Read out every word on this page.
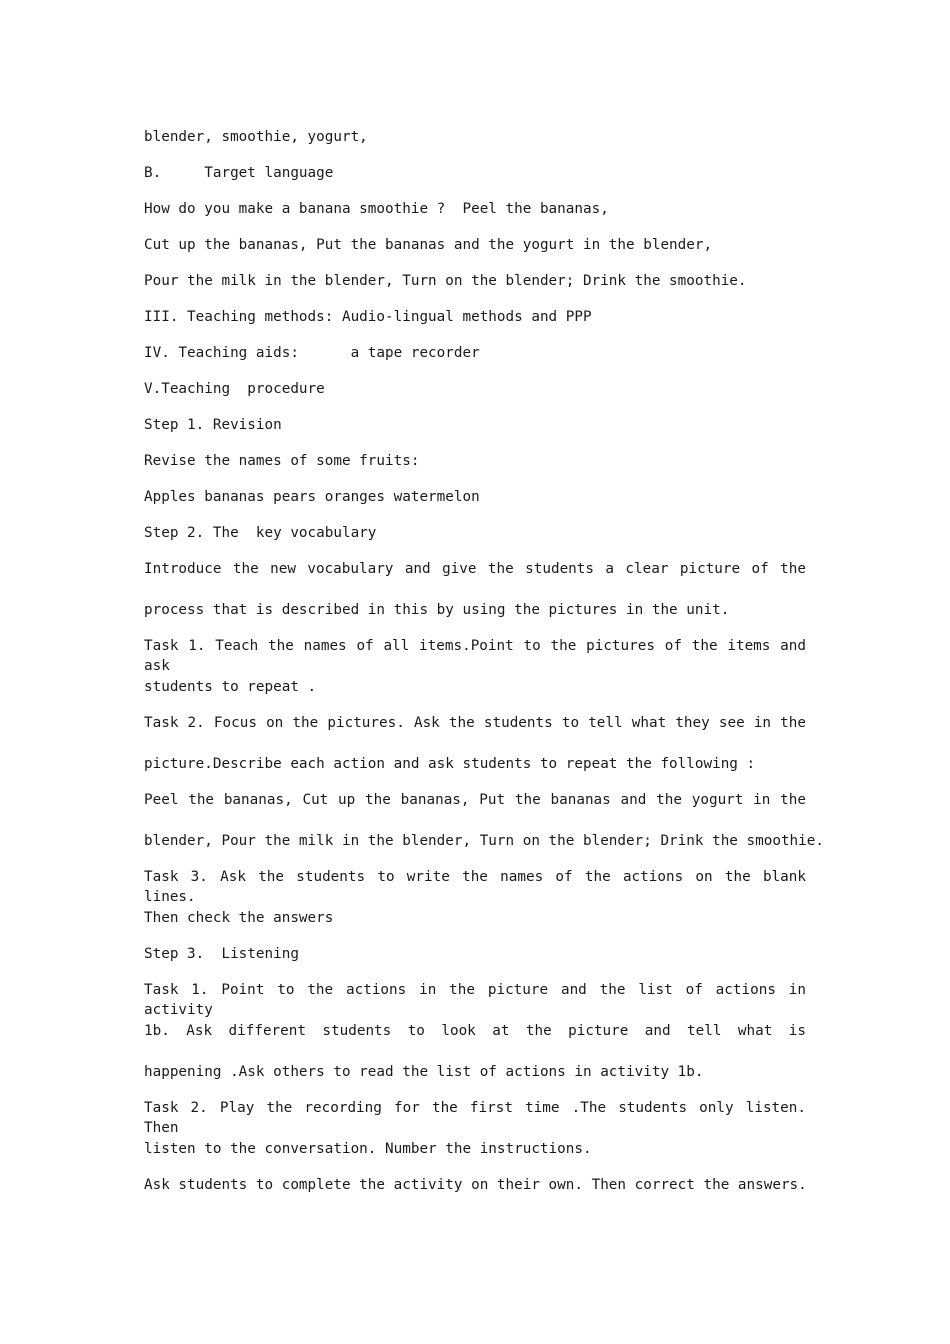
blender, smoothie, yogurt,
B.     Target language
How do you make a banana smoothie ?  Peel the bananas,
Cut up the bananas, Put the bananas and the yogurt in the blender,
Pour the milk in the blender, Turn on the blender; Drink the smoothie.
III. Teaching methods: Audio-lingual methods and PPP
IV. Teaching aids:      a tape recorder
V.Teaching  procedure
Step 1. Revision
Revise the names of some fruits:
Apples bananas pears oranges watermelon
Step 2. The  key vocabulary
Introduce the new vocabulary and give the students a clear picture of the
process that is described in this by using the pictures in the unit.
Task 1. Teach the names of all items.Point to the pictures of the items and ask
students to repeat .
Task 2. Focus on the pictures. Ask the students to tell what they see in the
picture.Describe each action and ask students to repeat the following :
Peel the bananas, Cut up the bananas, Put the bananas and the yogurt in the
blender, Pour the milk in the blender, Turn on the blender; Drink the smoothie.
Task 3. Ask the students to write the names of the actions on the blank lines.
Then check the answers
Step 3.  Listening
Task 1. Point to the actions in the picture and the list of actions in activity
1b. Ask different students to look at the picture and tell what is
happening .Ask others to read the list of actions in activity 1b.
Task 2. Play the recording for the first time .The students only listen. Then
listen to the conversation. Number the instructions.
Ask students to complete the activity on their own. Then correct the answers.
